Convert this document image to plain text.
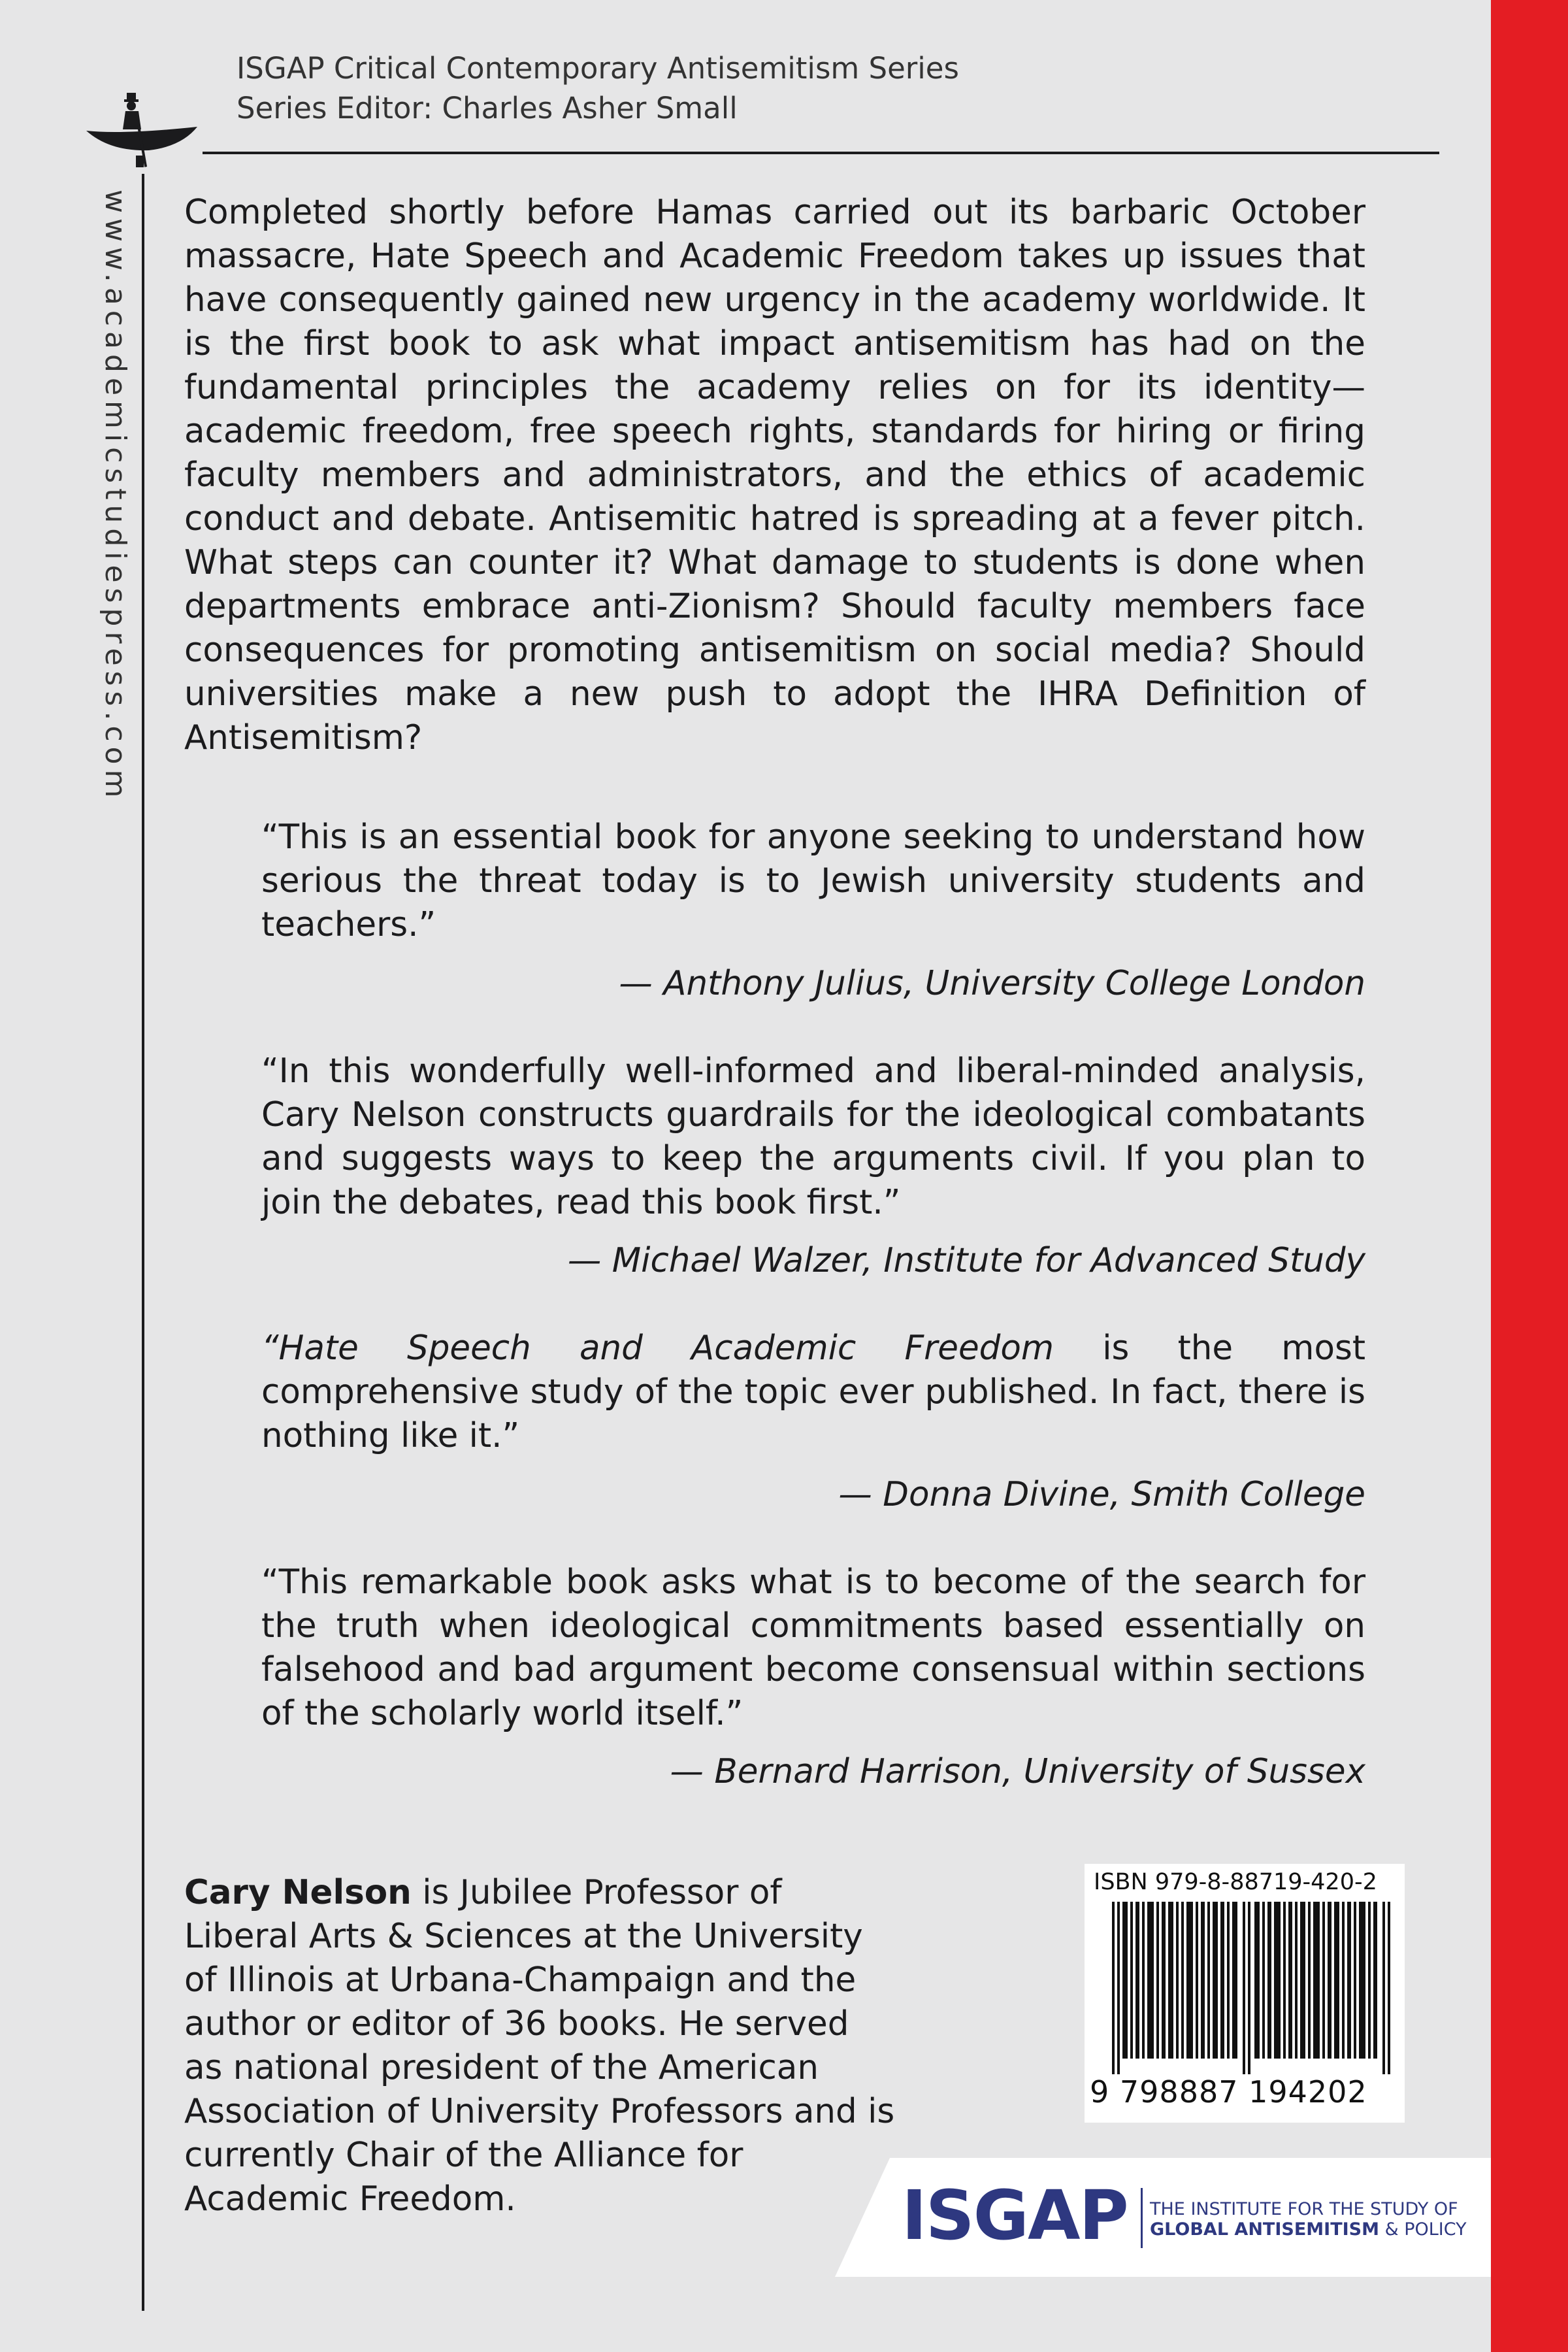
ISGAP Critical Contemporary Antisemitism Series
Series Editor: Charles Asher Small
www.academicstudiespress.com Completed shortly before Hamas carried out its barbaric October massacre, Hate Speech and Academic Freedom takes up issues that have consequently gained new urgency in the academy worldwide. It is the first book to ask what impact antisemitism has had on the fundamental principles the academy relies on for its identity—academic freedom, free speech rights, standards for hiring or firing faculty members and administrators, and the ethics of academic conduct and debate. Antisemitic hatred is spreading at a fever pitch. What steps can counter it? What damage to students is done when departments embrace anti-Zionism? Should faculty members face consequences for promoting antisemitism on social media? Should universities make a new push to adopt the IHRA Definition of Antisemitism?
“This is an essential book for anyone seeking to understand how serious the threat today is to Jewish university students and teachers.”
— Anthony Julius, University College London
“In this wonderfully well-informed and liberal-minded analysis, Cary Nelson constructs guardrails for the ideological combatants and suggests ways to keep the arguments civil. If you plan to join the debates, read this book first.”
— Michael Walzer, Institute for Advanced Study
“Hate Speech and Academic Freedom is the most comprehensive study of the topic ever published. In fact, there is nothing like it.”
— Donna Divine, Smith College
“This remarkable book asks what is to become of the search for the truth when ideological commitments based essentially on falsehood and bad argument become consensual within sections of the scholarly world itself.”
— Bernard Harrison, University of Sussex
Cary Nelson is Jubilee Professor of Liberal Arts & Sciences at the University of Illinois at Urbana-Champaign and the author or editor of 36 books. He served as national president of the American Association of University Professors and is currently Chair of the Alliance for Academic Freedom.
ISBN 979-8-88719-420-2
9 798887 194202
ISGAP THE INSTITUTE FOR THE STUDY OF
GLOBAL ANTISEMITISM & POLICY
